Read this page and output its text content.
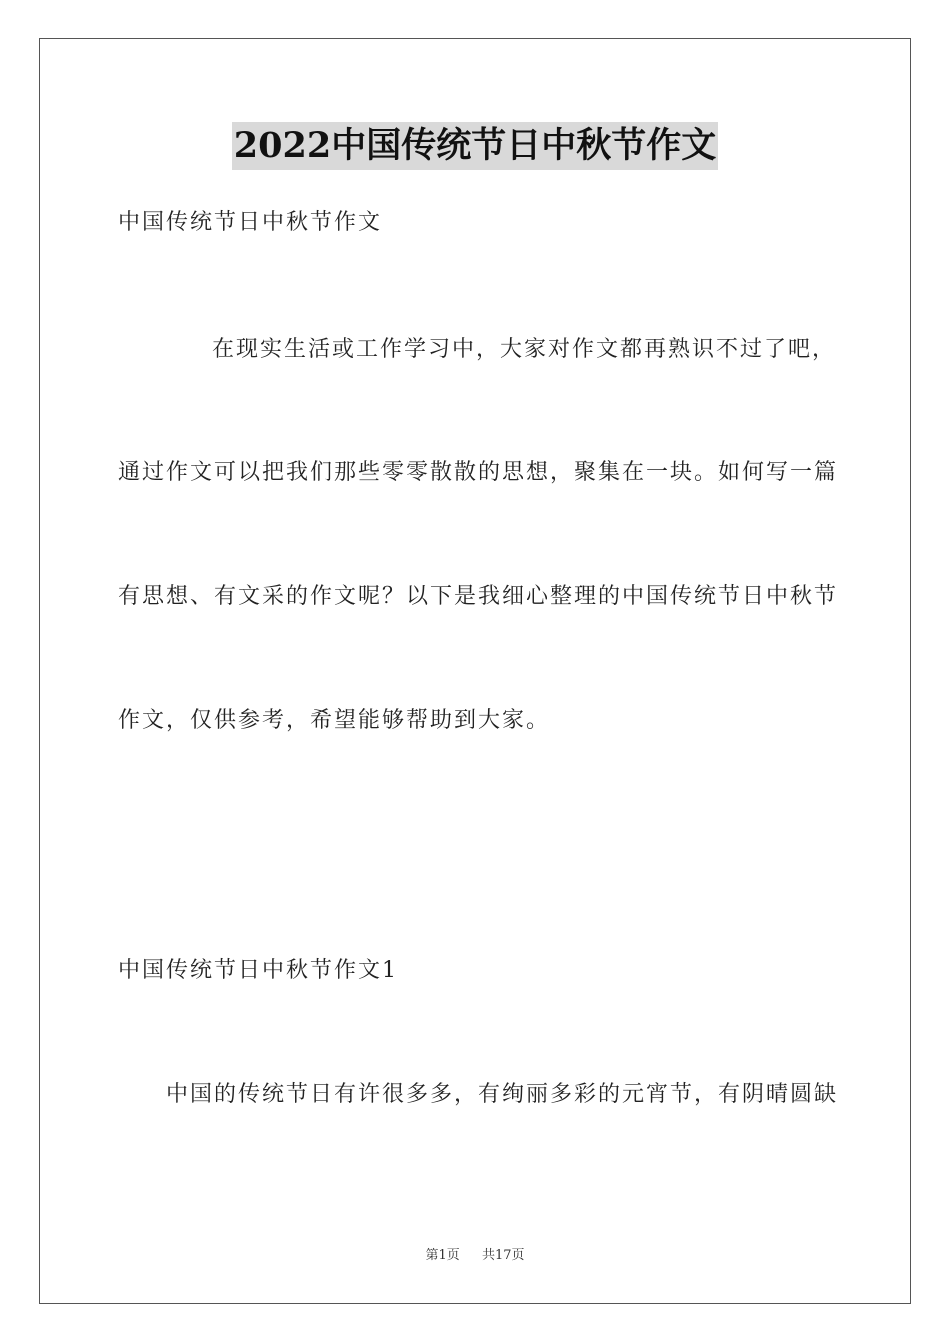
2022中国传统节日中秋节作文
中国传统节日中秋节作文
在现实生活或工作学习中，大家对作文都再熟识不过了吧，
通过作文可以把我们那些零零散散的思想，聚集在一块。如何写一篇
有思想、有文采的作文呢？以下是我细心整理的中国传统节日中秋节
作文，仅供参考，希望能够帮助到大家。
中国传统节日中秋节作文1
中国的传统节日有许很多多，有绚丽多彩的元宵节，有阴晴圆缺
第1页 共17页
